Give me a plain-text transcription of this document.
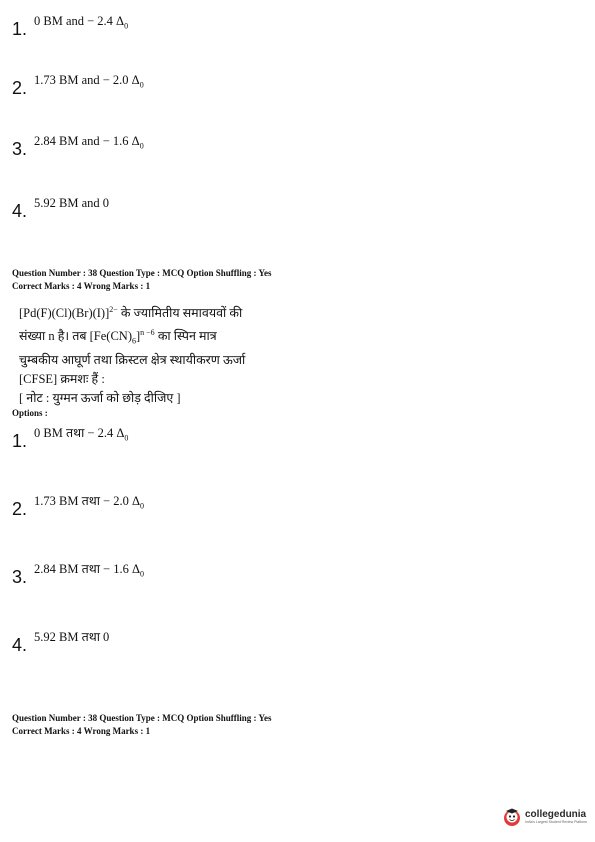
1. 0 BM and − 2.4 $\Delta_0$
2. 1.73 BM and − 2.0 $\Delta_0$
3. 2.84 BM and − 1.6 $\Delta_0$
4. 5.92 BM and 0
Question Number : 38 Question Type : MCQ Option Shuffling : Yes
Correct Marks : 4 Wrong Marks : 1
$[Pd(F)(Cl)(Br)(I)]^{2-}$ के ज्यामितीय समावयवों की
संख्या n है। तब $[Fe(CN)_6]^{n -6}$ का स्पिन मात्र
चुम्बकीय आघूर्ण तथा क्रिस्टल क्षेत्र स्थायीकरण ऊर्जा
[CFSE] क्रमशः हैं :
[ नोट : युग्मन ऊर्जा को छोड़ दीजिए ]
Options :
1. 0 BM तथा − 2.4 $\Delta_0$
2. 1.73 BM तथा − 2.0 $\Delta_0$
3. 2.84 BM तथा − 1.6 $\Delta_0$
4. 5.92 BM तथा 0
Question Number : 38 Question Type : MCQ Option Shuffling : Yes
Correct Marks : 4 Wrong Marks : 1
collegedunia
India's Largest Student Review Platform
